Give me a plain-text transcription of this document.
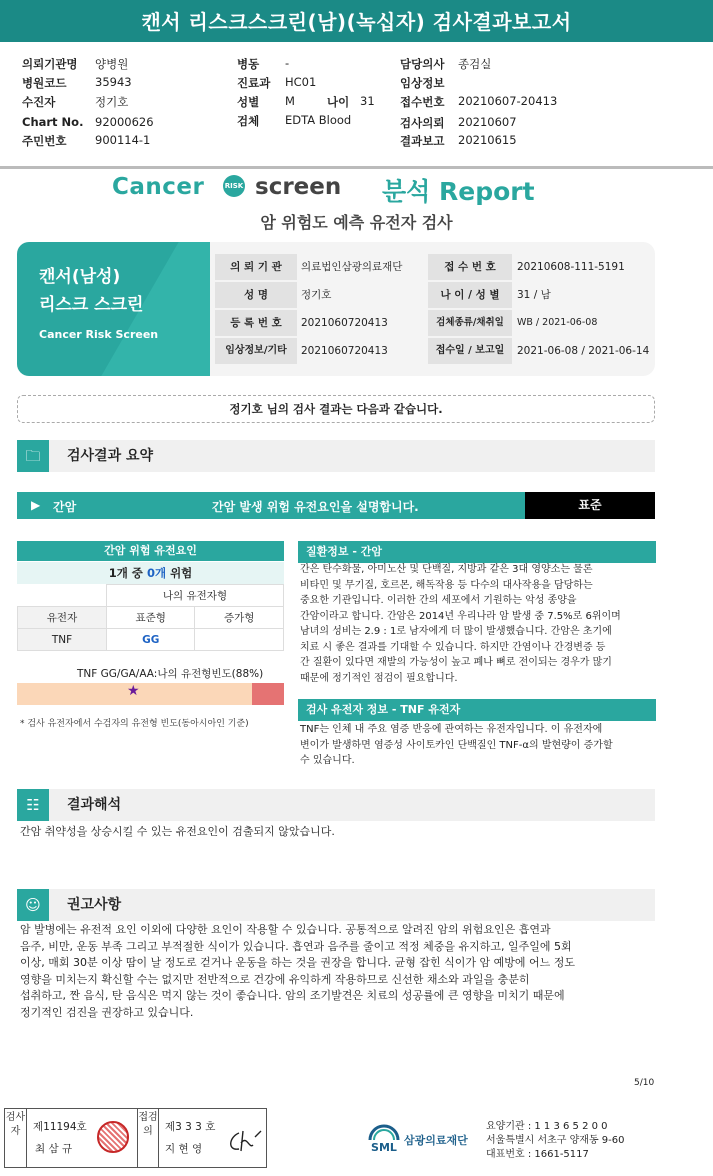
캔서 리스크스크린(남)(녹십자) 검사결과보고서
의뢰기관명 양병원
병원코드 35943
수진자	정기호
Chart No. 92000626
주민번호 900114-1
병동 -
진료과 HC01
성별 M	나이 31
검체 EDTA Blood
담당의사 종검실
임상정보
접수번호 20210607-20413
검사의뢰 20210607
결과보고 20210615
Cancer	RISK screen 분석 Report
암 위험도 예측 유전자 검사
캔서(남성)
리스크 스크린
Cancer Risk Screen
의 뢰 기 관	의료법인삼광의료재단	접 수 번 호	20210608-111-5191
성 명	정기호	나 이 / 성 별	31 / 남
등 록 번 호	2021060720413	검체종류/채취일	WB / 2021-06-08
임상정보/기타	2021060720413	접수일 / 보고일	2021-06-08 / 2021-06-14
정기호 님의 검사 결과는 다음과 같습니다.
🗀	검사결과 요약
▶ 간암	간암 발생 위험 유전요인을 설명합니다.	표준
간암 위험 유전요인
1개 중 0개 위험
	나의 유전자형	
유전자	표준형	증가형
TNF	GG	
TNF GG/GA/AA:나의 유전형빈도(88%)
★
* 검사 유전자에서 수검자의 유전형 빈도(동아시아인 기준)
질환정보 - 간암
간은 탄수화물, 아미노산 및 단백질, 지방과 같은 3대 영양소는 물론
비타민 및 무기질, 호르몬, 해독작용 등 다수의 대사작용을 담당하는
중요한 기관입니다. 이러한 간의 세포에서 기원하는 악성 종양을
간암이라고 합니다. 간암은 2014년 우리나라 암 발생 중 7.5%로 6위이며
남녀의 성비는 2.9 : 1로 남자에게 더 많이 발생했습니다. 간암은 초기에
치료 시 좋은 결과를 기대할 수 있습니다. 하지만 간염이나 간경변증 등
간 질환이 있다면 재발의 가능성이 높고 폐나 뼈로 전이되는 경우가 많기
때문에 정기적인 점검이 필요합니다.
검사 유전자 정보 - TNF 유전자
TNF는 인체 내 주요 염증 반응에 관여하는 유전자입니다. 이 유전자에
변이가 발생하면 염증성 사이토카인 단백질인 TNF-α의 발현량이 증가할
수 있습니다.
☷	결과해석
간암 취약성을 상승시킬 수 있는 유전요인이 검출되지 않았습니다.
☺	권고사항
암 발병에는 유전적 요인 이외에 다양한 요인이 작용할 수 있습니다. 공통적으로 알려진 암의 위험요인은 흡연과
음주, 비만, 운동 부족 그리고 부적절한 식이가 있습니다. 흡연과 음주를 줄이고 적정 체중을 유지하고, 일주일에 5회
이상, 매회 30분 이상 땀이 날 정도로 걷거나 운동을 하는 것을 권장을 합니다. 균형 잡힌 식이가 암 예방에 어느 정도
영향을 미치는지 확신할 수는 없지만 전반적으로 건강에 유익하게 작용하므로 신선한 채소와 과일을 충분히
섭취하고, 짠 음식, 탄 음식은 먹지 않는 것이 좋습니다. 암의 조기발견은 치료의 성공률에 큰 영향을 미치기 때문에
정기적인 검진을 권장하고 있습니다.
5/10
검사자	제11194호
최 삼 규
접검의	제3 3 3 호
지 현 영	SML
삼광의료재단
요양기관 : 1 1 3 6 5 2 0 0
서울특별시 서초구 양재동 9-60
대표번호 : 1661-5117
